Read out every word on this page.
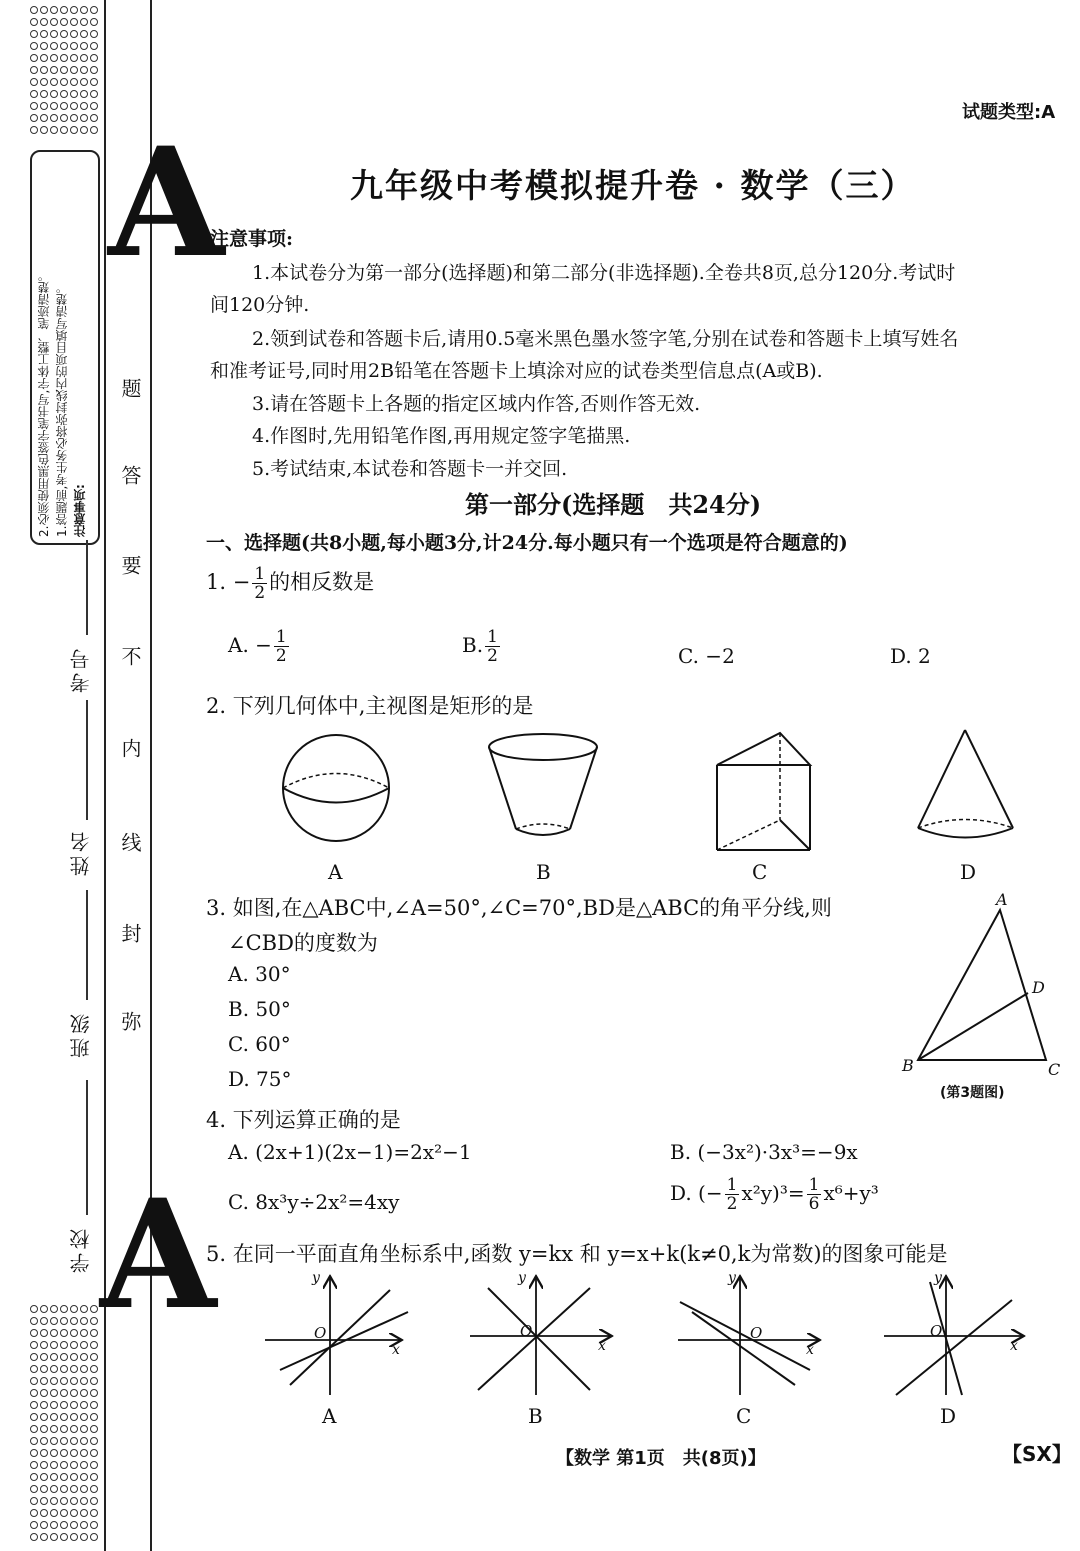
注意事项:
1.答题前,考生务必将弥封线内的项目填写清楚。
2.必须使用黑色签字笔书写,字体工整、笔迹清楚。
A
A
题
答
要
不
内
线
封
弥
考号
姓名
班级
学校
试题类型:A
九年级中考模拟提升卷 · 数学（三）
注意事项:
1.本试卷分为第一部分(选择题)和第二部分(非选择题).全卷共8页,总分120分.考试时
间120分钟.
2.领到试卷和答题卡后,请用0.5毫米黑色墨水签字笔,分别在试卷和答题卡上填写姓名
和准考证号,同时用2B铅笔在答题卡上填涂对应的试卷类型信息点(A或B).
3.请在答题卡上各题的指定区域内作答,否则作答无效.
4.作图时,先用铅笔作图,再用规定签字笔描黑.
5.考试结束,本试卷和答题卡一并交回.
第一部分(选择题　共24分)
一、选择题(共8小题,每小题3分,计24分.每小题只有一个选项是符合题意的)
1. − $\frac{1}{2}$ 的相反数是
A. − $\frac{1}{2}$	B. $\frac{1}{2}$	C. −2	D. 2
2. 下列几何体中,主视图是矩形的是
A	B	C	D
3. 如图,在△ABC中,∠A=50°,∠C=70°,BD是△ABC的角平分线,则
∠CBD的度数为
A. 30°
B. 50°
C. 60°
D. 75°
A
B	C
D
(第3题图)
4. 下列运算正确的是
A. (2x+1)(2x−1)=2x²−1	B. (−3x²)·3x³=−9x
C. 8x³y÷2x²=4xy	D. (− $\frac{1}{2} x^2y)^3= \frac{1}{6} x^6+y^3$
5. 在同一平面直角坐标系中,函数 y=kx 和 y=x+k(k≠0,k为常数)的图象可能是
y
x
O
y
x
O
y
x
O
y
x
O
A	B	C	D
【数学 第1页　共(8页)】	【SX】
